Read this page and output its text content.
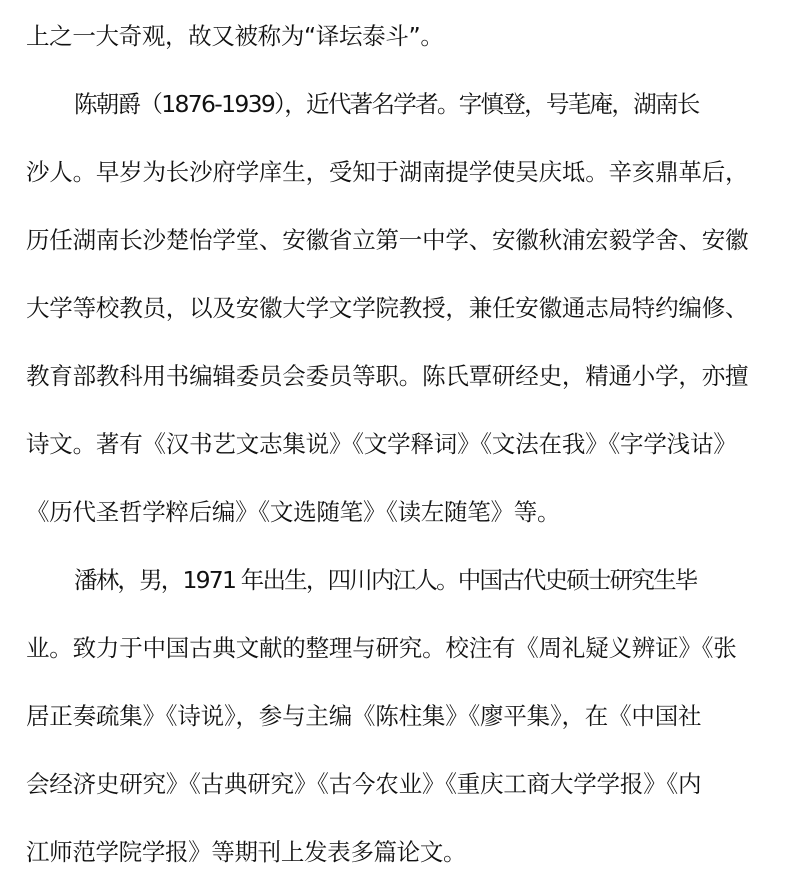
上之一大奇观，故又被称为“译坛泰斗”。
陈朝爵（1876-1939），近代著名学者。字慎登，号芼庵，湖南长
沙人。早岁为长沙府学庠生，受知于湖南提学使吴庆坻。辛亥鼎革后，
历任湖南长沙楚怡学堂、安徽省立第一中学、安徽秋浦宏毅学舍、安徽
大学等校教员，以及安徽大学文学院教授，兼任安徽通志局特约编修、
教育部教科用书编辑委员会委员等职。陈氏覃研经史，精通小学，亦擅
诗文。著有《汉书艺文志集说》《文学释词》《文法在我》《字学浅诂》
《历代圣哲学粹后编》《文选随笔》《读左随笔》等。
潘林，男，1971 年出生，四川内江人。中国古代史硕士研究生毕
业。致力于中国古典文献的整理与研究。校注有《周礼疑义辨证》《张
居正奏疏集》《诗说》，参与主编《陈柱集》《廖平集》，在《中国社
会经济史研究》《古典研究》《古今农业》《重庆工商大学学报》《内
江师范学院学报》等期刊上发表多篇论文。
